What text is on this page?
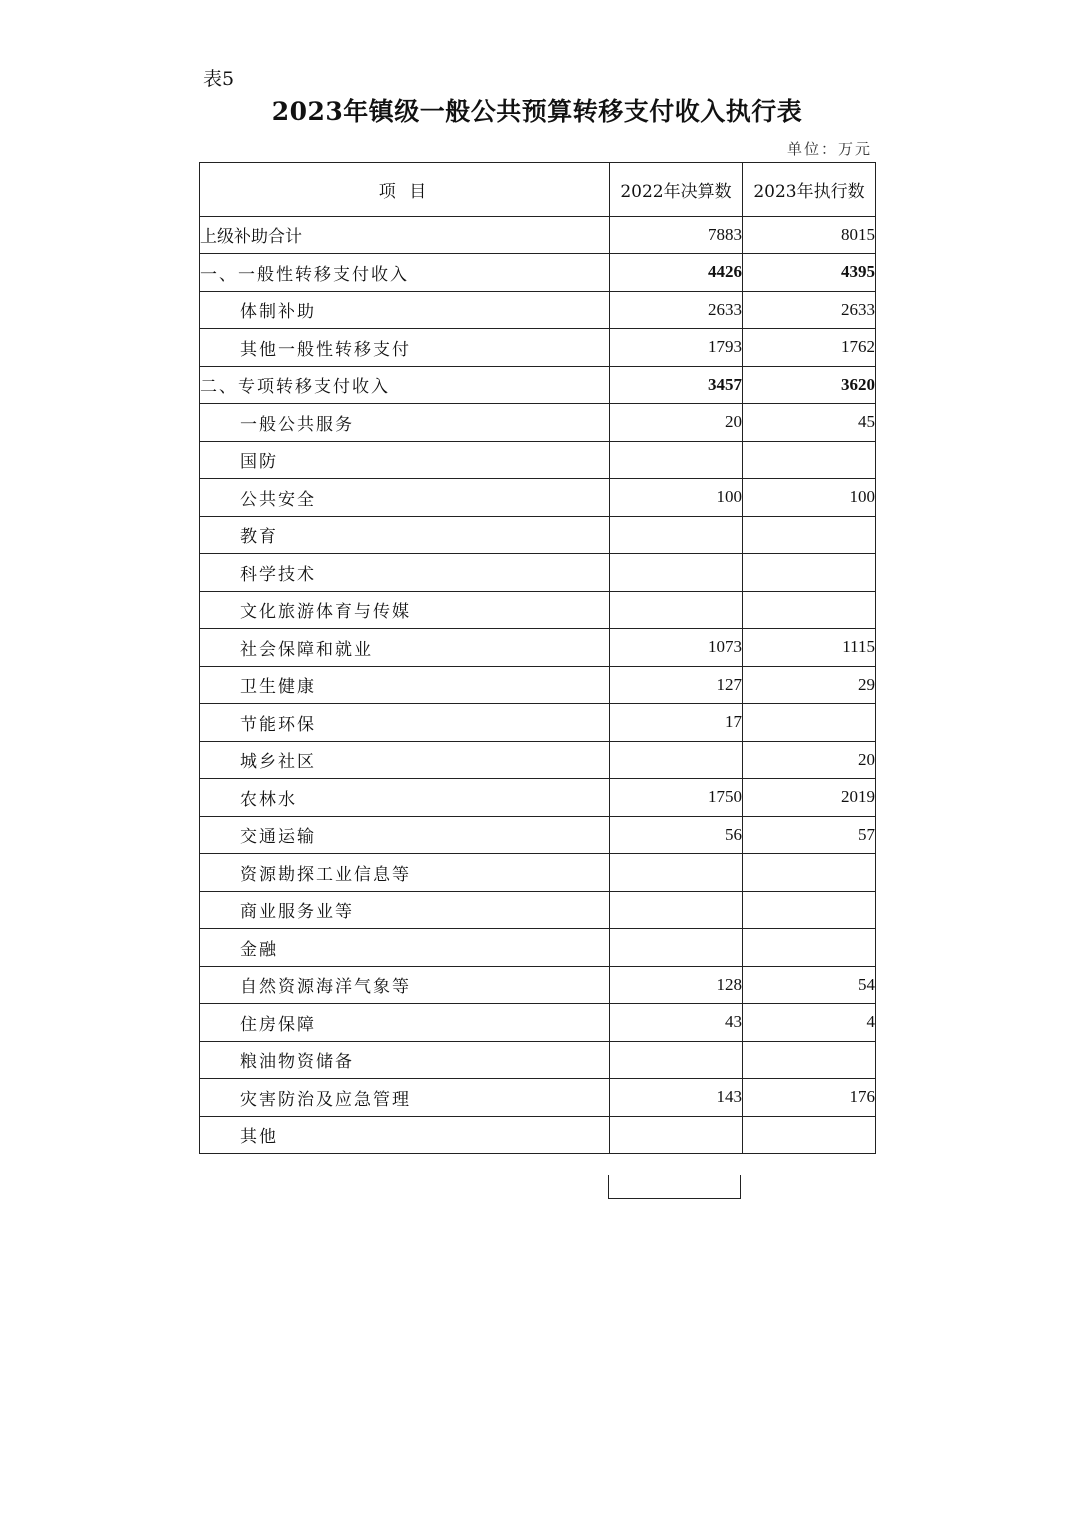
表5
2023年镇级一般公共预算转移支付收入执行表
单位：万元
项 目	2022年决算数	2023年执行数
上级补助合计	7883	8015
一、一般性转移支付收入	4426	4395
体制补助	2633	2633
其他一般性转移支付	1793	1762
二、专项转移支付收入	3457	3620
一般公共服务	20	45
国防		
公共安全	100	100
教育		
科学技术		
文化旅游体育与传媒		
社会保障和就业	1073	1115
卫生健康	127	29
节能环保	17	
城乡社区		20
农林水	1750	2019
交通运输	56	57
资源勘探工业信息等		
商业服务业等		
金融		
自然资源海洋气象等	128	54
住房保障	43	4
粮油物资储备		
灾害防治及应急管理	143	176
其他		
